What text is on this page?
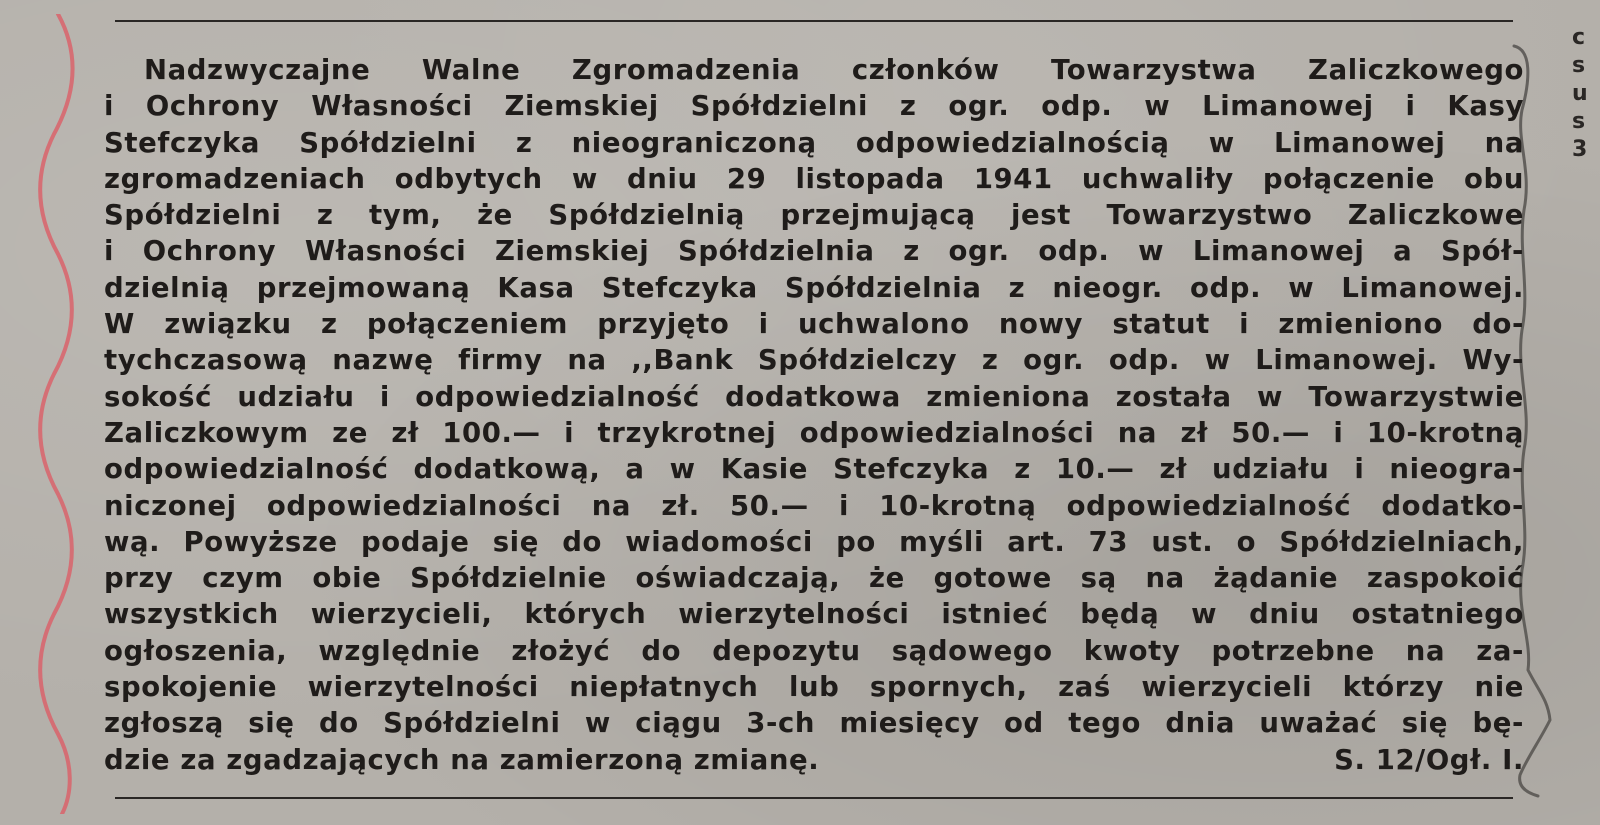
Nadzwyczajne Walne Zgromadzenia członków Towarzystwa Zaliczkowego
i Ochrony Własności Ziemskiej Spółdzielni z ogr. odp. w Limanowej i Kasy
Stefczyka Spółdzielni z nieograniczoną odpowiedzialnością w Limanowej na
zgromadzeniach odbytych w dniu 29 listopada 1941 uchwaliły połączenie obu
Spółdzielni z tym, że Spółdzielnią przejmującą jest Towarzystwo Zaliczkowe
i Ochrony Własności Ziemskiej Spółdzielnia z ogr. odp. w Limanowej a Spół-
dzielnią przejmowaną Kasa Stefczyka Spółdzielnia z nieogr. odp. w Limanowej.
W związku z połączeniem przyjęto i uchwalono nowy statut i zmieniono do-
tychczasową nazwę firmy na ,,Bank Spółdzielczy z ogr. odp. w Limanowej. Wy-
sokość udziału i odpowiedzialność dodatkowa zmieniona została w Towarzystwie
Zaliczkowym ze zł 100.— i trzykrotnej odpowiedzialności na zł 50.— i 10-krotną
odpowiedzialność dodatkową, a w Kasie Stefczyka z 10.— zł udziału i nieogra-
niczonej odpowiedzialności na zł. 50.— i 10-krotną odpowiedzialność dodatko-
wą. Powyższe podaje się do wiadomości po myśli art. 73 ust. o Spółdzielniach,
przy czym obie Spółdzielnie oświadczają, że gotowe są na żądanie zaspokoić
wszystkich wierzycieli, których wierzytelności istnieć będą w dniu ostatniego
ogłoszenia, względnie złożyć do depozytu sądowego kwoty potrzebne na za-
spokojenie wierzytelności niepłatnych lub spornych, zaś wierzycieli którzy nie
zgłoszą się do Spółdzielni w ciągu 3-ch miesięcy od tego dnia uważać się bę-
dzie za zgadzających na zamierzoną zmianę.	S. 12/Ogł. I.
c
s
u
s
3
